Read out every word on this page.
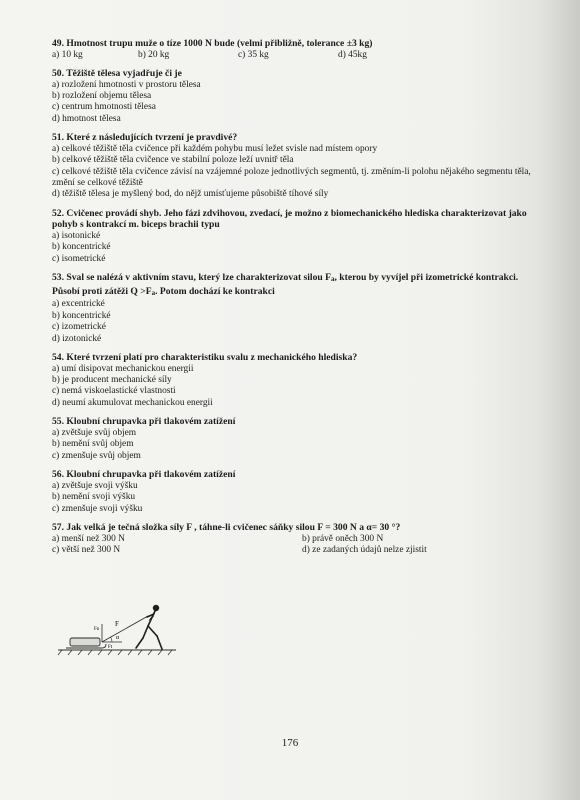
49. Hmotnost trupu muže o tíze 1000 N bude (velmi přibližně, tolerance ±3 kg)
a) 10 kg	b) 20 kg	c) 35 kg	d) 45kg
50. Těžiště tělesa vyjadřuje či je
a) rozložení hmotnosti v prostoru tělesa
b) rozložení objemu tělesa
c) centrum hmotnosti tělesa
d) hmotnost tělesa
51. Které z následujících tvrzení je pravdivé?
a) celkové těžiště těla cvičence při každém pohybu musí ležet svisle nad místem opory
b) celkové těžiště těla cvičence ve stabilní poloze leží uvnitř těla
c) celkové těžiště těla cvičence závisí na vzájemné poloze jednotlivých segmentů, tj. změním-li polohu nějakého segmentu těla, změní se celkové těžiště
d) těžiště tělesa je myšlený bod, do nějž umísťujeme působiště tíhové síly
52. Cvičenec provádí shyb. Jeho fázi zdvihovou, zvedací, je možno z biomechanického hlediska charakterizovat jako pohyb s kontrakcí m. biceps brachii typu
a) isotonické
b) koncentrické
c) isometrické
53. Sval se nalézá v aktivním stavu, který lze charakterizovat silou Fa, kterou by vyvíjel při izometrické kontrakci. Působí proti zátěži Q >Fa. Potom dochází ke kontrakci
a) excentrické
b) koncentrické
c) izometrické
d) izotonické
54. Které tvrzení platí pro charakteristiku svalu z mechanického hlediska?
a) umí disipovat mechanickou energii
b) je producent mechanické síly
c) nemá viskoelastické vlastnosti
d) neumí akumulovat mechanickou energii
55. Kloubní chrupavka při tlakovém zatížení
a) zvětšuje svůj objem
b) nemění svůj objem
c) zmenšuje svůj objem
56. Kloubní chrupavka při tlakovém zatížení
a) zvětšuje svoji výšku
b) nemění svoji výšku
c) zmenšuje svoji výšku
57. Jak velká je tečná složka síly F , táhne-li cvičenec sáňky silou F = 300 N a α= 30 °?
a) menší než 300 N	b) právě oněch 300 N
c) větší než 300 N	d) ze zadaných údajů nelze zjistit
F
α
Ft
Fn
176
